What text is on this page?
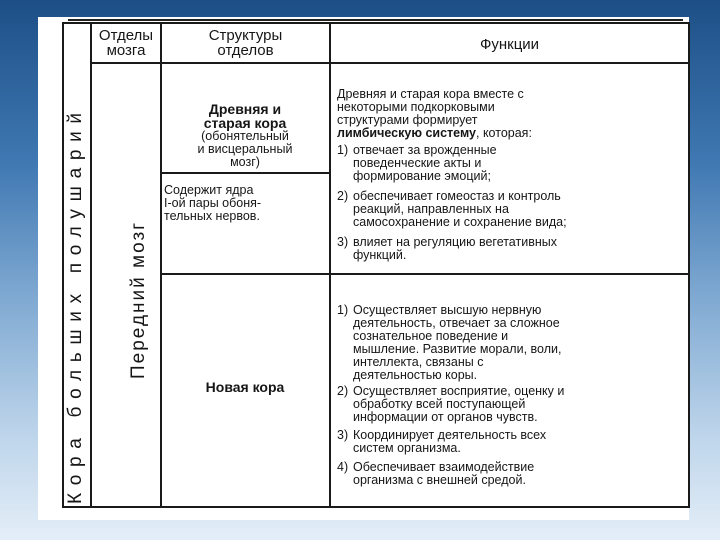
Отделы
мозга
Структуры
отделов	Функции
Кора больших полушарий Передний мозг
Древняя и
старая кора
(обонятельный
и висцеральный
мозг)
Содержит ядра
I-ой пары обоня-
тельных нервов.
Древняя и старая кора вместе с
некоторыми подкорковыми
структурами формирует
лимбическую систему, которая:
1) отвечает за врожденные
поведенческие акты и
формирование эмоций;
2) обеспечивает гомеостаз и контроль
реакций, направленных на
самосохранение и сохранение вида;
3) влияет на регуляцию вегетативных
функций.
Новая кора
1) Осуществляет высшую нервную
деятельность, отвечает за сложное
сознательное поведение и
мышление. Развитие морали, воли,
интеллекта, связаны с
деятельностью коры.
2) Осуществляет восприятие, оценку и
обработку всей поступающей
информации от органов чувств.
3) Координирует деятельность всех
систем организма.
4) Обеспечивает взаимодействие
организма с внешней средой.
